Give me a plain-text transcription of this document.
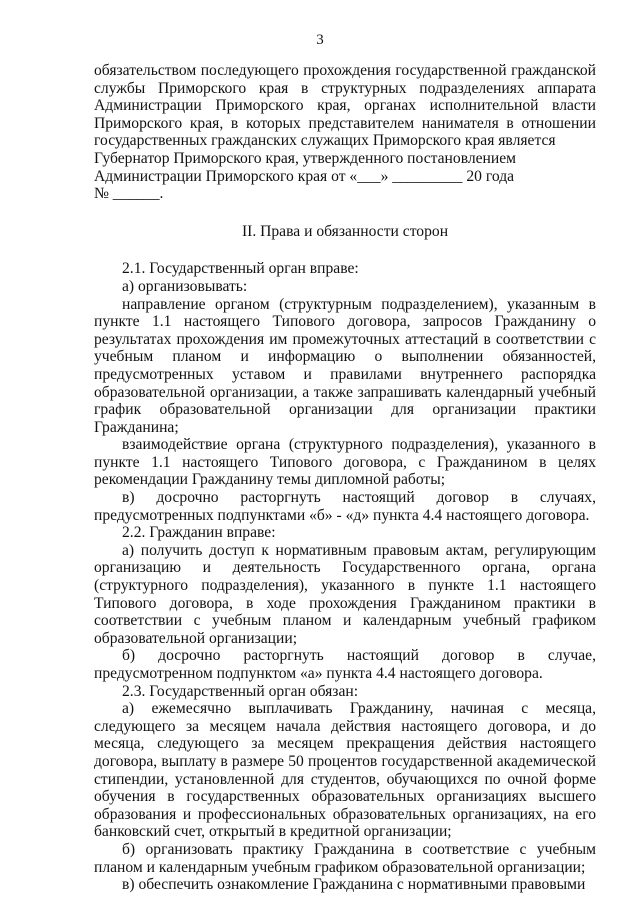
3

обязательством последующего прохождения государственной гражданской службы Приморского края в структурных подразделениях аппарата Администрации Приморского края, органах исполнительной власти Приморского края, в которых представителем нанимателя в отношении государственных гражданских служащих Приморского края является

Губернатор Приморского края, утвержденного постановлением

Администрации Приморского края от «___» _________ 20 года

№ ______.

II. Права и обязанности сторон

2.1. Государственный орган вправе:

а) организовывать:

направление органом (структурным подразделением), указанным в пункте 1.1 настоящего Типового договора, запросов Гражданину о результатах прохождения им промежуточных аттестаций в соответствии с учебным планом и информацию о выполнении обязанностей, предусмотренных уставом и правилами внутреннего распорядка образовательной организации, а также запрашивать календарный учебный график образовательной организации для организации практики Гражданина;

взаимодействие органа (структурного подразделения), указанного в пункте 1.1 настоящего Типового договора, с Гражданином в целях рекомендации Гражданину темы дипломной работы;

в) досрочно расторгнуть настоящий договор в случаях, предусмотренных подпунктами «б» - «д» пункта 4.4 настоящего договора.

2.2. Гражданин вправе:

а) получить доступ к нормативным правовым актам, регулирующим организацию и деятельность Государственного органа, органа (структурного подразделения), указанного в пункте 1.1 настоящего Типового договора, в ходе прохождения Гражданином практики в соответствии с учебным планом и календарным учебный графиком образовательной организации;

б) досрочно расторгнуть настоящий договор в случае, предусмотренном подпунктом «а» пункта 4.4 настоящего договора.

2.3. Государственный орган обязан:

а) ежемесячно выплачивать Гражданину, начиная с месяца, следующего за месяцем начала действия настоящего договора, и до месяца, следующего за месяцем прекращения действия настоящего договора, выплату в размере 50 процентов государственной академической стипендии, установленной для студентов, обучающихся по очной форме обучения в государственных образовательных организациях высшего образования и профессиональных образовательных организациях, на его банковский счет, открытый в кредитной организации;

б) организовать практику Гражданина в соответствие с учебным планом и календарным учебным графиком образовательной организации;

в) обеспечить ознакомление Гражданина с нормативными правовыми
